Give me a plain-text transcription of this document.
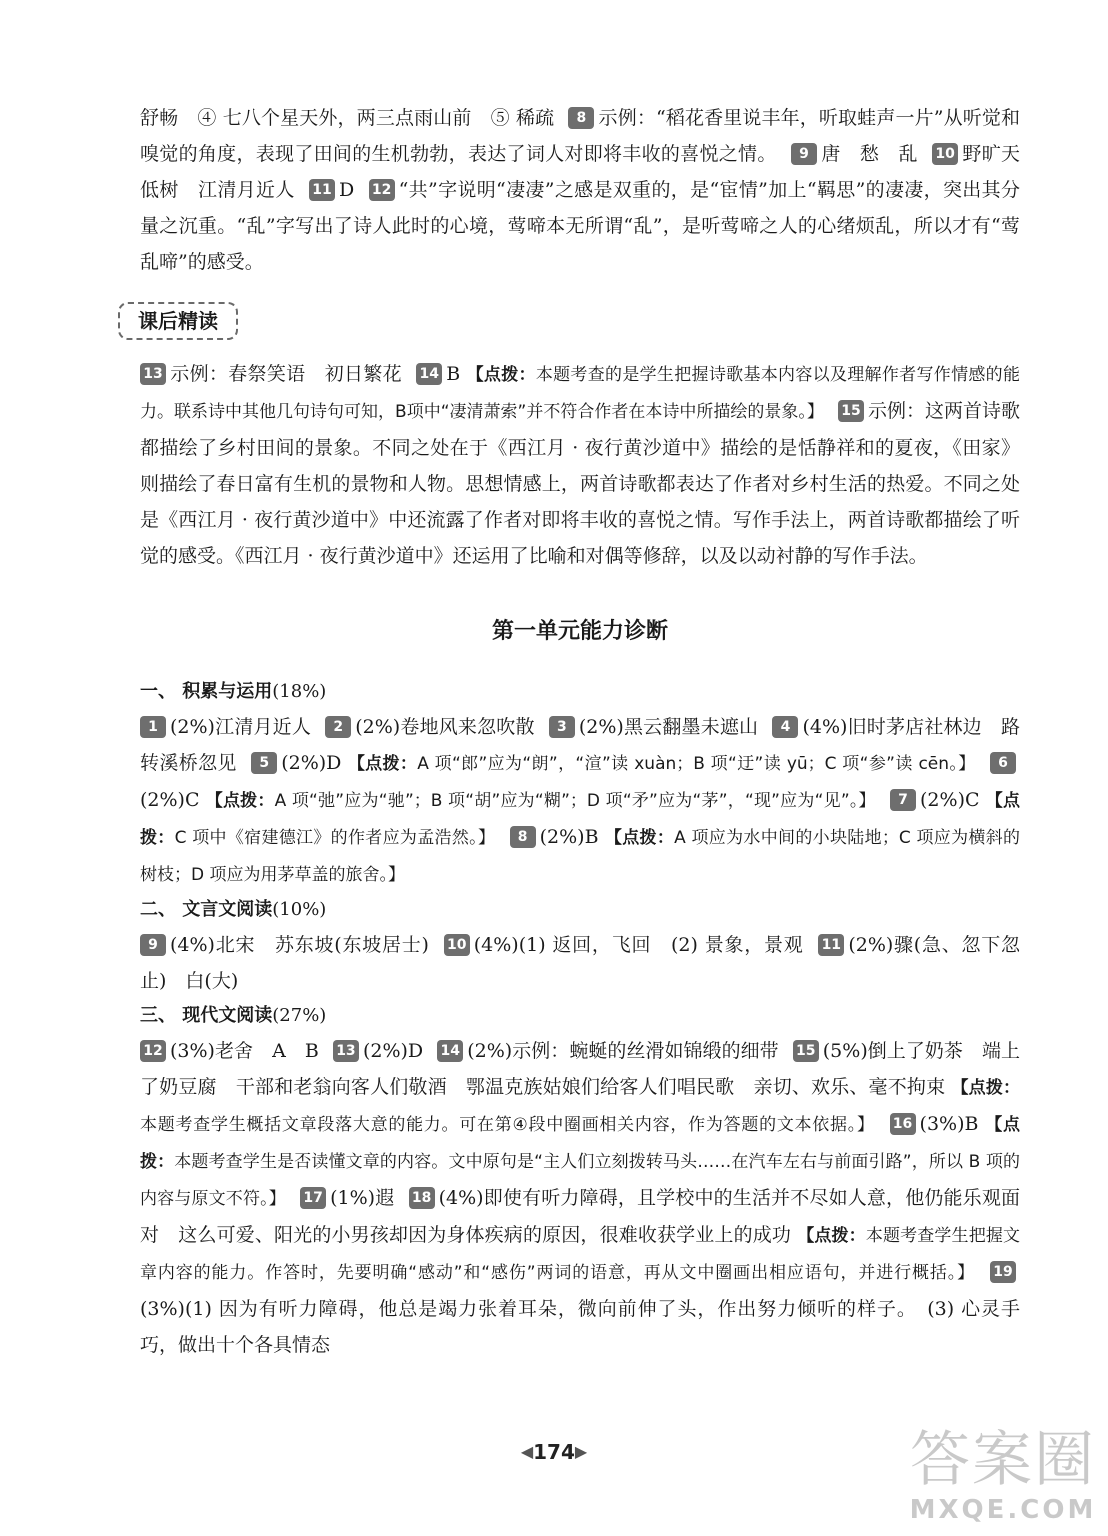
舒畅　④ 七八个星天外，两三点雨山前　⑤ 稀疏 8 示例：“稻花香里说丰年，听取蛙声一片”从听觉和嗅觉的角度，表现了田间的生机勃勃，表达了词人对即将丰收的喜悦之情。 9 唐　愁　乱 10 野旷天低树　江清月近人 11 D 12 “共”字说明“凄凄”之感是双重的，是“宦情”加上“羁思”的凄凄，突出其分量之沉重。“乱”字写出了诗人此时的心境，莺啼本无所谓“乱”，是听莺啼之人的心绪烦乱，所以才有“莺乱啼”的感受。

课后精读

13 示例：春祭笑语　初日繁花 14 B 【点拨：本题考查的是学生把握诗歌基本内容以及理解作者写作情感的能力。联系诗中其他几句诗句可知，B项中“凄清萧索”并不符合作者在本诗中所描绘的景象。】 15 示例：这两首诗歌都描绘了乡村田间的景象。不同之处在于《西江月 · 夜行黄沙道中》描绘的是恬静祥和的夏夜，《田家》则描绘了春日富有生机的景物和人物。思想情感上，两首诗歌都表达了作者对乡村生活的热爱。不同之处是《西江月 · 夜行黄沙道中》中还流露了作者对即将丰收的喜悦之情。写作手法上，两首诗歌都描绘了听觉的感受。《西江月 · 夜行黄沙道中》还运用了比喻和对偶等修辞，以及以动衬静的写作手法。

第一单元能力诊断

一、 积累与运用(18%)

1 (2%)江清月近人 2 (2%)卷地风来忽吹散 3 (2%)黑云翻墨未遮山 4 (4%)旧时茅店社林边　路转溪桥忽见 5 (2%)D 【点拨：A 项“郎”应为“朗”，“渲”读 xuàn；B 项“迂”读 yū；C 项“参”读 cēn。】 6(2%)C 【点拨：A 项“弛”应为“驰”；B 项“胡”应为“糊”；D 项“矛”应为“茅”，“现”应为“见”。】 7 (2%)C 【点拨：C 项中《宿建德江》的作者应为孟浩然。】 8 (2%)B 【点拨：A 项应为水中间的小块陆地；C 项应为横斜的树枝；D 项应为用茅草盖的旅舍。】

二、 文言文阅读(10%)

9 (4%)北宋　苏东坡(东坡居士) 10 (4%)(1) 返回，飞回　(2) 景象，景观 11 (2%)骤(急、忽下忽止)　白(大)

三、 现代文阅读(27%)

12 (3%)老舍　A　B 13 (2%)D 14 (2%)示例：蜿蜒的丝滑如锦缎的细带 15 (5%)倒上了奶茶　端上了奶豆腐　干部和老翁向客人们敬酒　鄂温克族姑娘们给客人们唱民歌　亲切、欢乐、毫不拘束 【点拨：本题考查学生概括文章段落大意的能力。可在第④段中圈画相关内容，作为答题的文本依据。】 16 (3%)B 【点拨：本题考查学生是否读懂文章的内容。文中原句是“主人们立刻拨转马头……在汽车左右与前面引路”，所以 B 项的内容与原文不符。】 17 (1%)遐 18 (4%)即使有听力障碍，且学校中的生活并不尽如人意，他仍能乐观面对　这么可爱、阳光的小男孩却因为身体疾病的原因，很难收获学业上的成功 【点拨：本题考查学生把握文章内容的能力。作答时，先要明确“感动”和“感伤”两词的语意，再从文中圈画出相应语句，并进行概括。】 19(3%)(1) 因为有听力障碍，他总是竭力张着耳朵，微向前伸了头，作出努力倾听的样子。　(3) 心灵手巧，做出十个各具情态

◀174▶	答案圈
MXQE.COM
